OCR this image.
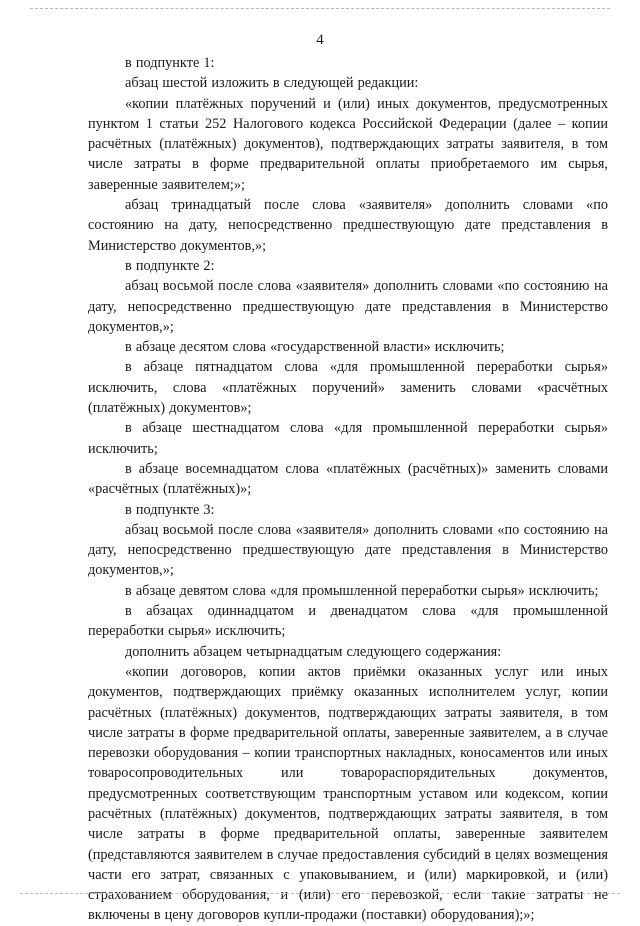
4

в подпункте 1:

абзац шестой изложить в следующей редакции:

«копии платёжных поручений и (или) иных документов, предусмотренных пунктом 1 статьи 252 Налогового кодекса Российской Федерации (далее – копии расчётных (платёжных) документов), подтверждающих затраты заявителя, в том числе затраты в форме предварительной оплаты приобретаемого им сырья, заверенные заявителем;»;

абзац тринадцатый после слова «заявителя» дополнить словами «по состоянию на дату, непосредственно предшествующую дате представления в Министерство документов,»;

в подпункте 2:

абзац восьмой после слова «заявителя» дополнить словами «по состоянию на дату, непосредственно предшествующую дате представления в Министерство документов,»;

в абзаце десятом слова «государственной власти» исключить;

в абзаце пятнадцатом слова «для промышленной переработки сырья» исключить, слова «платёжных поручений» заменить словами «расчётных (платёжных) документов»;

в абзаце шестнадцатом слова «для промышленной переработки сырья» исключить;

в абзаце восемнадцатом слова «платёжных (расчётных)» заменить словами «расчётных (платёжных)»;

в подпункте 3:

абзац восьмой после слова «заявителя» дополнить словами «по состоянию на дату, непосредственно предшествующую дате представления в Министерство документов,»;

в абзаце девятом слова «для промышленной переработки сырья» исключить;

в абзацах одиннадцатом и двенадцатом слова «для промышленной переработки сырья» исключить;

дополнить абзацем четырнадцатым следующего содержания:

«копии договоров, копии актов приёмки оказанных услуг или иных документов, подтверждающих приёмку оказанных исполнителем услуг, копии расчётных (платёжных) документов, подтверждающих затраты заявителя, в том числе затраты в форме предварительной оплаты, заверенные заявителем, а в случае перевозки оборудования – копии транспортных накладных, коносаментов или иных товаросопроводительных или товарораспорядительных документов, предусмотренных соответствующим транспортным уставом или кодексом, копии расчётных (платёжных) документов, подтверждающих затраты заявителя, в том числе затраты в форме предварительной оплаты, заверенные заявителем (представляются заявителем в случае предоставления субсидий в целях возмещения части его затрат, связанных с упаковыванием, и (или) маркировкой, и (или) страхованием оборудования, и (или) его перевозкой, если такие затраты не включены в цену договоров купли-продажи (поставки) оборудования);»;
